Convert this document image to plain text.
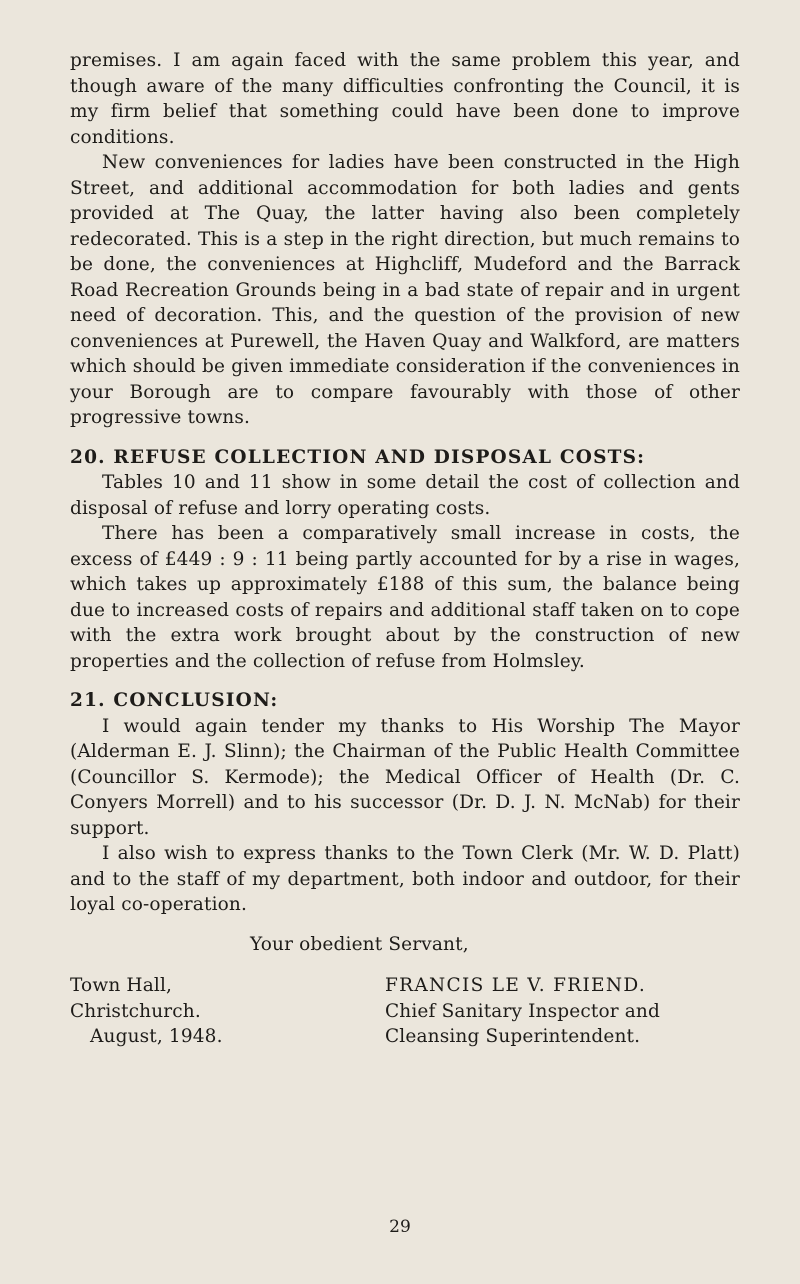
premises. I am again faced with the same problem this year, and though aware of the many difficulties confronting the Council, it is my firm belief that something could have been done to improve conditions.

New conveniences for ladies have been constructed in the High Street, and additional accommodation for both ladies and gents provided at The Quay, the latter having also been completely redecorated. This is a step in the right direction, but much remains to be done, the conveniences at Highcliff, Mudeford and the Barrack Road Recreation Grounds being in a bad state of repair and in urgent need of decoration. This, and the question of the provision of new conveniences at Purewell, the Haven Quay and Walkford, are matters which should be given immediate consideration if the conveniences in your Borough are to compare favourably with those of other progressive towns.

20. REFUSE COLLECTION AND DISPOSAL COSTS:

Tables 10 and 11 show in some detail the cost of collection and disposal of refuse and lorry operating costs.

There has been a comparatively small increase in costs, the excess of £449 : 9 : 11 being partly accounted for by a rise in wages, which takes up approximately £188 of this sum, the balance being due to increased costs of repairs and additional staff taken on to cope with the extra work brought about by the construction of new properties and the collection of refuse from Holmsley.

21. CONCLUSION:

I would again tender my thanks to His Worship The Mayor (Alderman E. J. Slinn); the Chairman of the Public Health Committee (Councillor S. Kermode); the Medical Officer of Health (Dr. C. Conyers Morrell) and to his successor (Dr. D. J. N. McNab) for their support.

I also wish to express thanks to the Town Clerk (Mr. W. D. Platt) and to the staff of my department, both indoor and outdoor, for their loyal co-operation.

Your obedient Servant,
Town Hall,
Christchurch.
August, 1948.
FRANCIS LE V. FRIEND.
Chief Sanitary Inspector and
Cleansing Superintendent.
29
